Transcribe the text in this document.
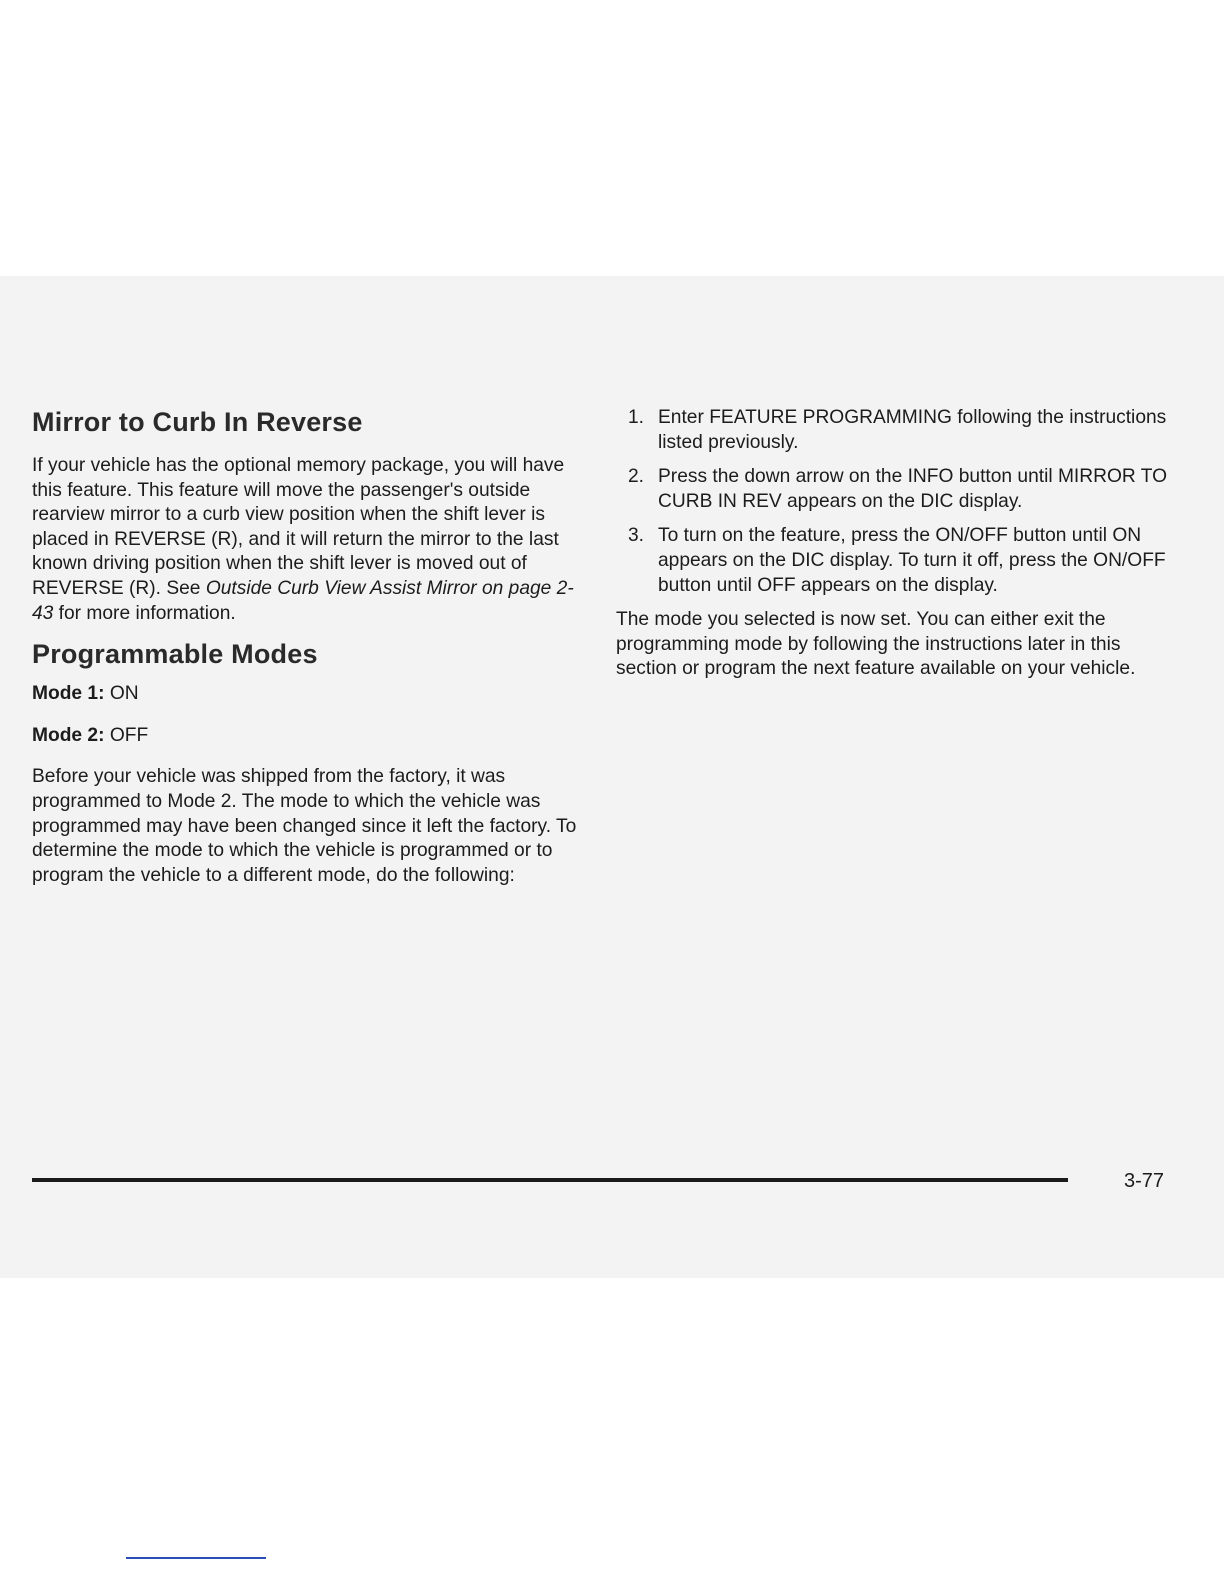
Mirror to Curb In Reverse

If your vehicle has the optional memory package, you will have this feature. This feature will move the passenger's outside rearview mirror to a curb view position when the shift lever is placed in REVERSE (R), and it will return the mirror to the last known driving position when the shift lever is moved out of REVERSE (R). See Outside Curb View Assist Mirror on page 2-43 for more information.

Programmable Modes
Mode 1: ON
Mode 2: OFF

Before your vehicle was shipped from the factory, it was programmed to Mode 2. The mode to which the vehicle was programmed may have been changed since it left the factory. To determine the mode to which the vehicle is programmed or to program the vehicle to a different mode, do the following:

1. Enter FEATURE PROGRAMMING following the instructions listed previously.
2. Press the down arrow on the INFO button until MIRROR TO CURB IN REV appears on the DIC display.
3. To turn on the feature, press the ON/OFF button until ON appears on the DIC display. To turn it off, press the ON/OFF button until OFF appears on the display.

The mode you selected is now set. You can either exit the programming mode by following the instructions later in this section or program the next feature available on your vehicle.

3-77
